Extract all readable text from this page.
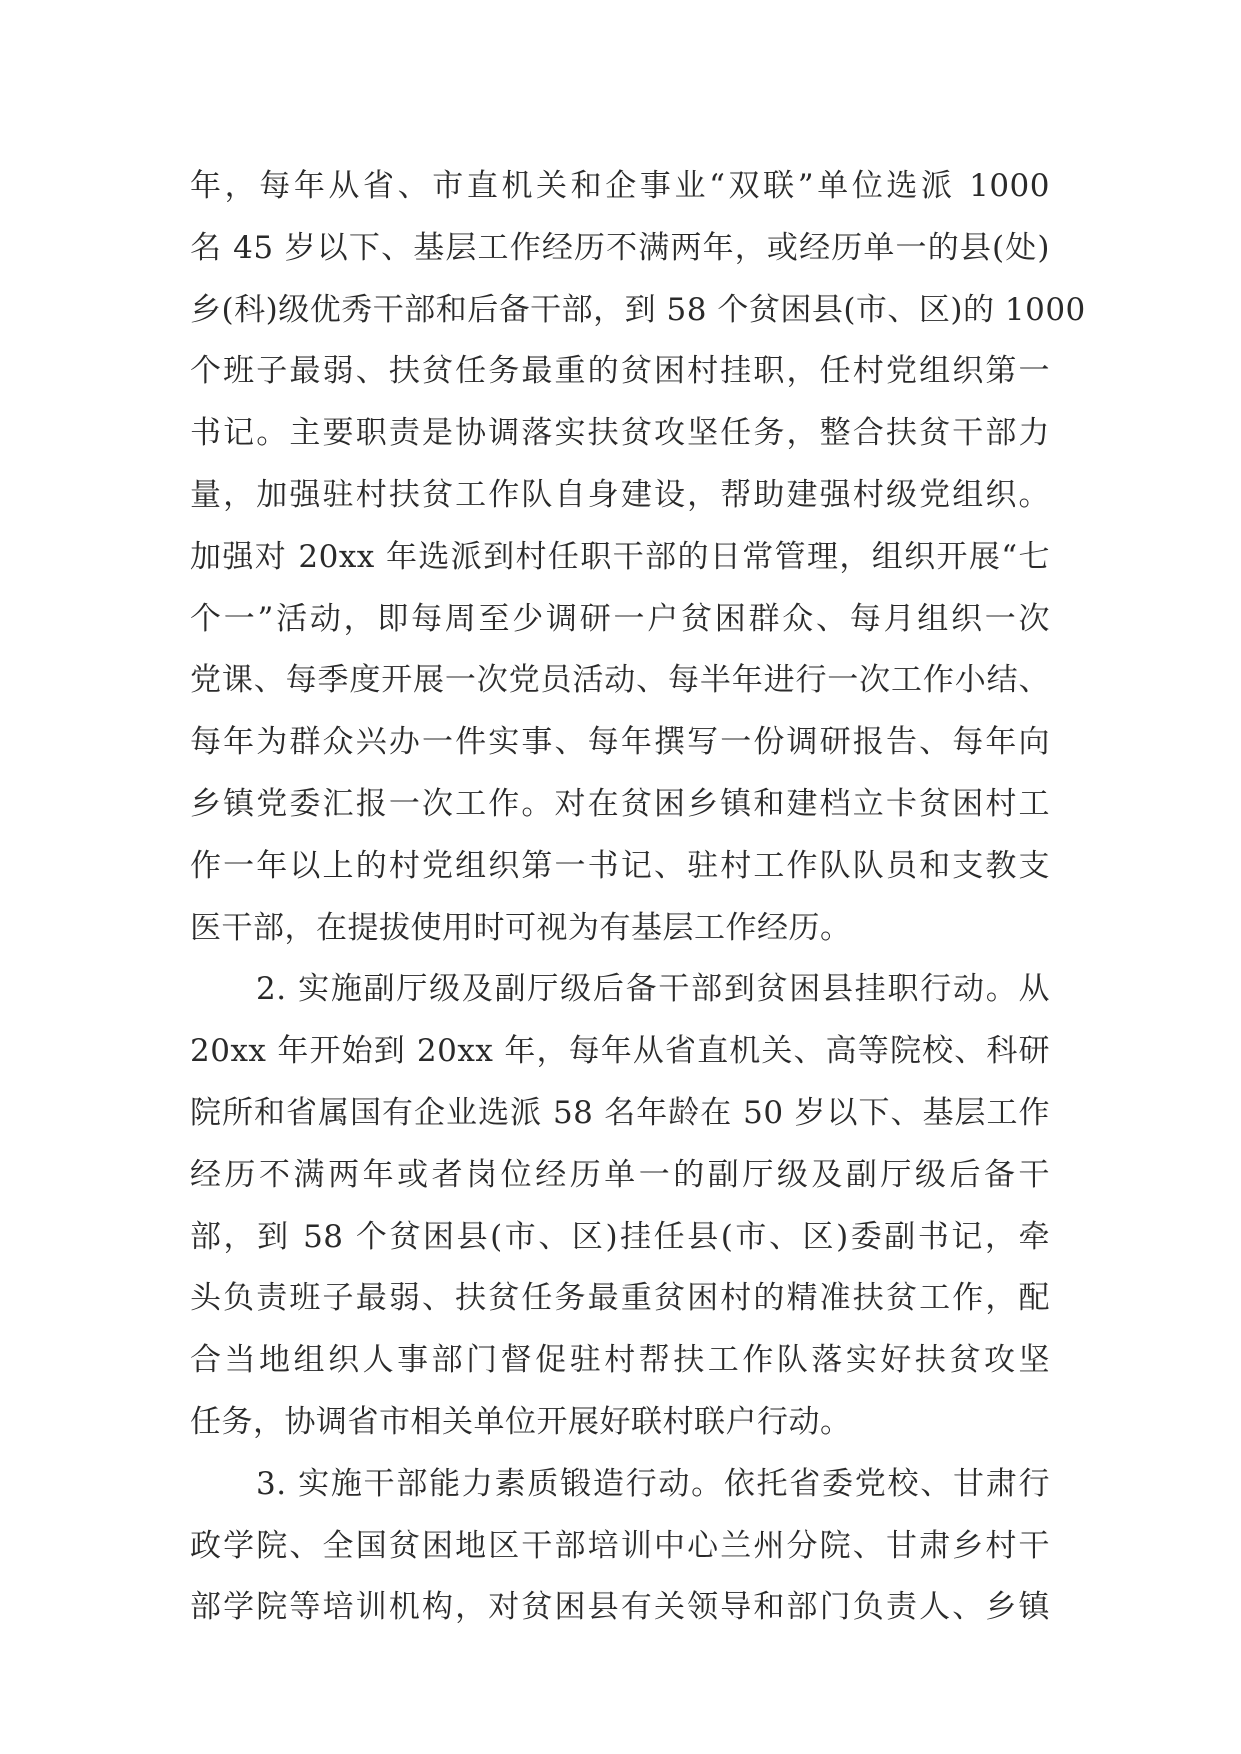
年，每年从省、市直机关和企事业“双联”单位选派 1000
名 45 岁以下、基层工作经历不满两年，或经历单一的县(处)
乡(科)级优秀干部和后备干部，到 58 个贫困县(市、区)的 1000
个班子最弱、扶贫任务最重的贫困村挂职，任村党组织第一
书记。主要职责是协调落实扶贫攻坚任务，整合扶贫干部力
量，加强驻村扶贫工作队自身建设，帮助建强村级党组织。
加强对 20xx 年选派到村任职干部的日常管理，组织开展“七
个一”活动，即每周至少调研一户贫困群众、每月组织一次
党课、每季度开展一次党员活动、每半年进行一次工作小结、
每年为群众兴办一件实事、每年撰写一份调研报告、每年向
乡镇党委汇报一次工作。对在贫困乡镇和建档立卡贫困村工
作一年以上的村党组织第一书记、驻村工作队队员和支教支
医干部，在提拔使用时可视为有基层工作经历。
2. 实施副厅级及副厅级后备干部到贫困县挂职行动。从
20xx 年开始到 20xx 年，每年从省直机关、高等院校、科研
院所和省属国有企业选派 58 名年龄在 50 岁以下、基层工作
经历不满两年或者岗位经历单一的副厅级及副厅级后备干
部，到 58 个贫困县(市、区)挂任县(市、区)委副书记，牵
头负责班子最弱、扶贫任务最重贫困村的精准扶贫工作，配
合当地组织人事部门督促驻村帮扶工作队落实好扶贫攻坚
任务，协调省市相关单位开展好联村联户行动。
3. 实施干部能力素质锻造行动。依托省委党校、甘肃行
政学院、全国贫困地区干部培训中心兰州分院、甘肃乡村干
部学院等培训机构，对贫困县有关领导和部门负责人、乡镇
